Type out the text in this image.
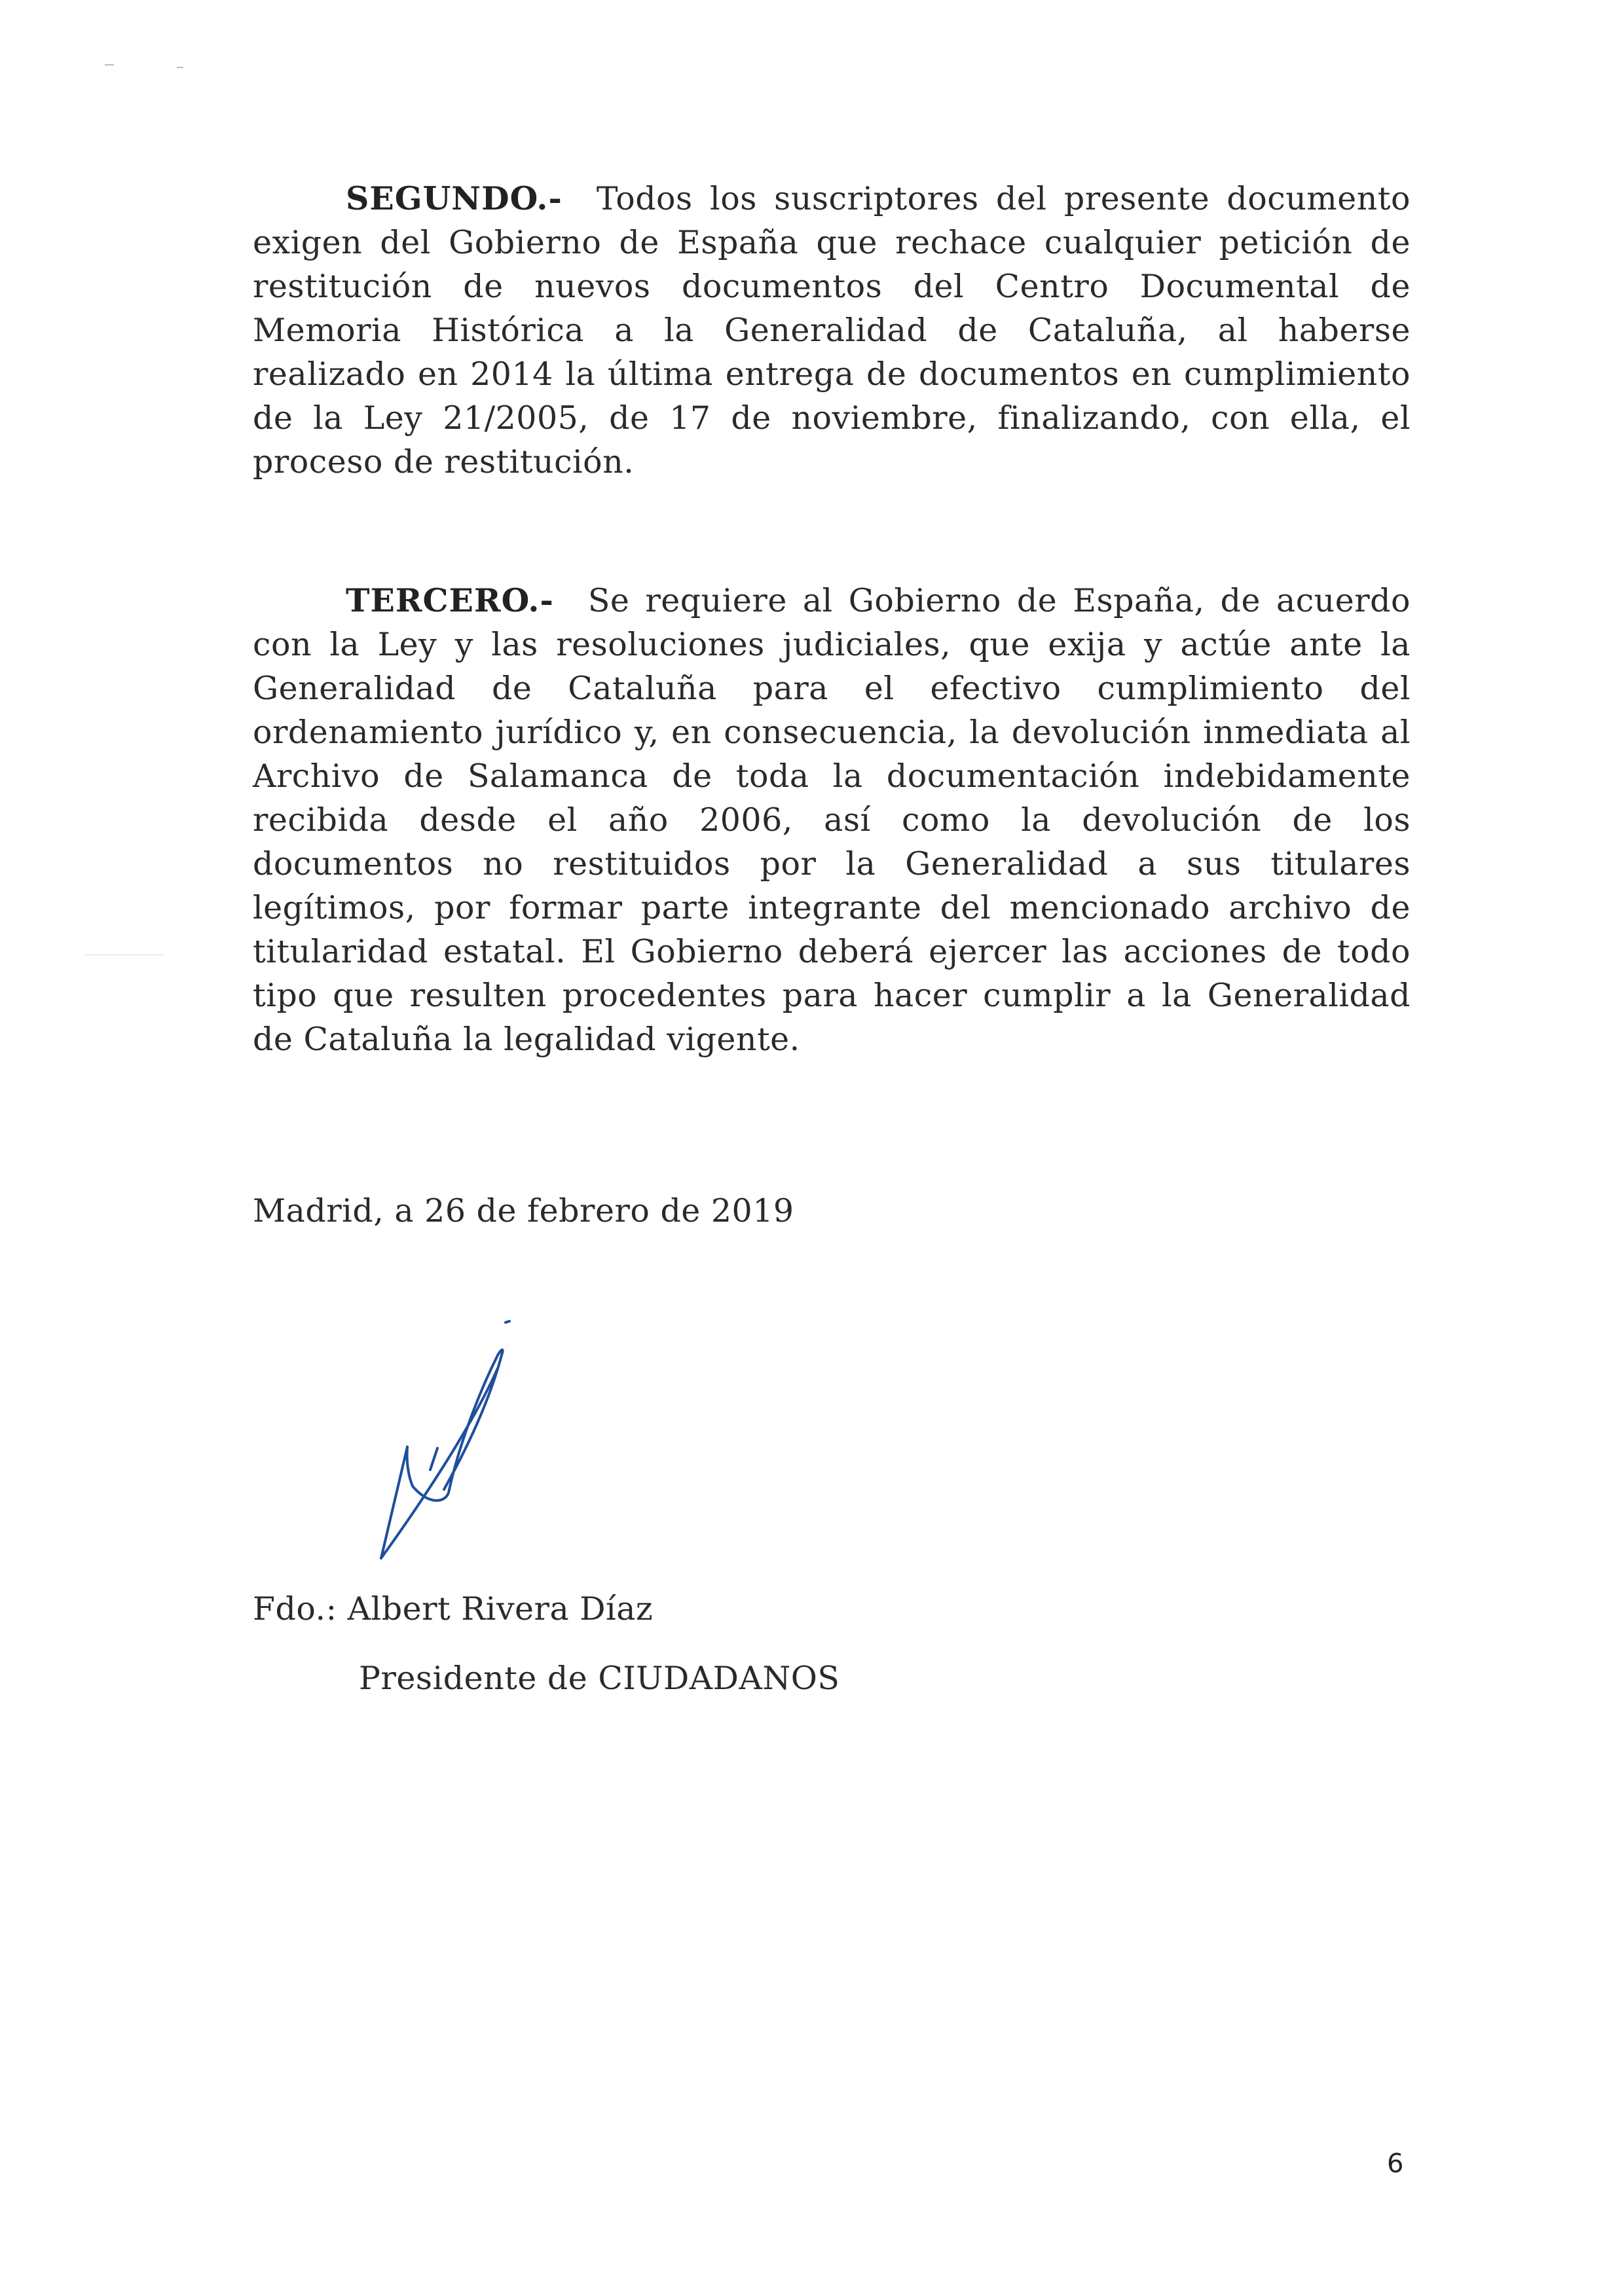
SEGUNDO.- Todos los suscriptores del presente documento exigen del Gobierno de España que rechace cualquier petición de restitución de nuevos documentos del Centro Documental de Memoria Histórica a la Generalidad de Cataluña, al haberse realizado en 2014 la última entrega de documentos en cumplimiento de la Ley 21/2005, de 17 de noviembre, finalizando, con ella, el proceso de restitución.

TERCERO.- Se requiere al Gobierno de España, de acuerdo con la Ley y las resoluciones judiciales, que exija y actúe ante la Generalidad de Cataluña para el efectivo cumplimiento del ordenamiento jurídico y, en consecuencia, la devolución inmediata al Archivo de Salamanca de toda la documentación indebidamente recibida desde el año 2006, así como la devolución de los documentos no restituidos por la Generalidad a sus titulares legítimos, por formar parte integrante del mencionado archivo de titularidad estatal. El Gobierno deberá ejercer las acciones de todo tipo que resulten procedentes para hacer cumplir a la Generalidad de Cataluña la legalidad vigente.

Madrid, a 26 de febrero de 2019
Fdo.: Albert Rivera Díaz
Presidente de CIUDADANOS
6
